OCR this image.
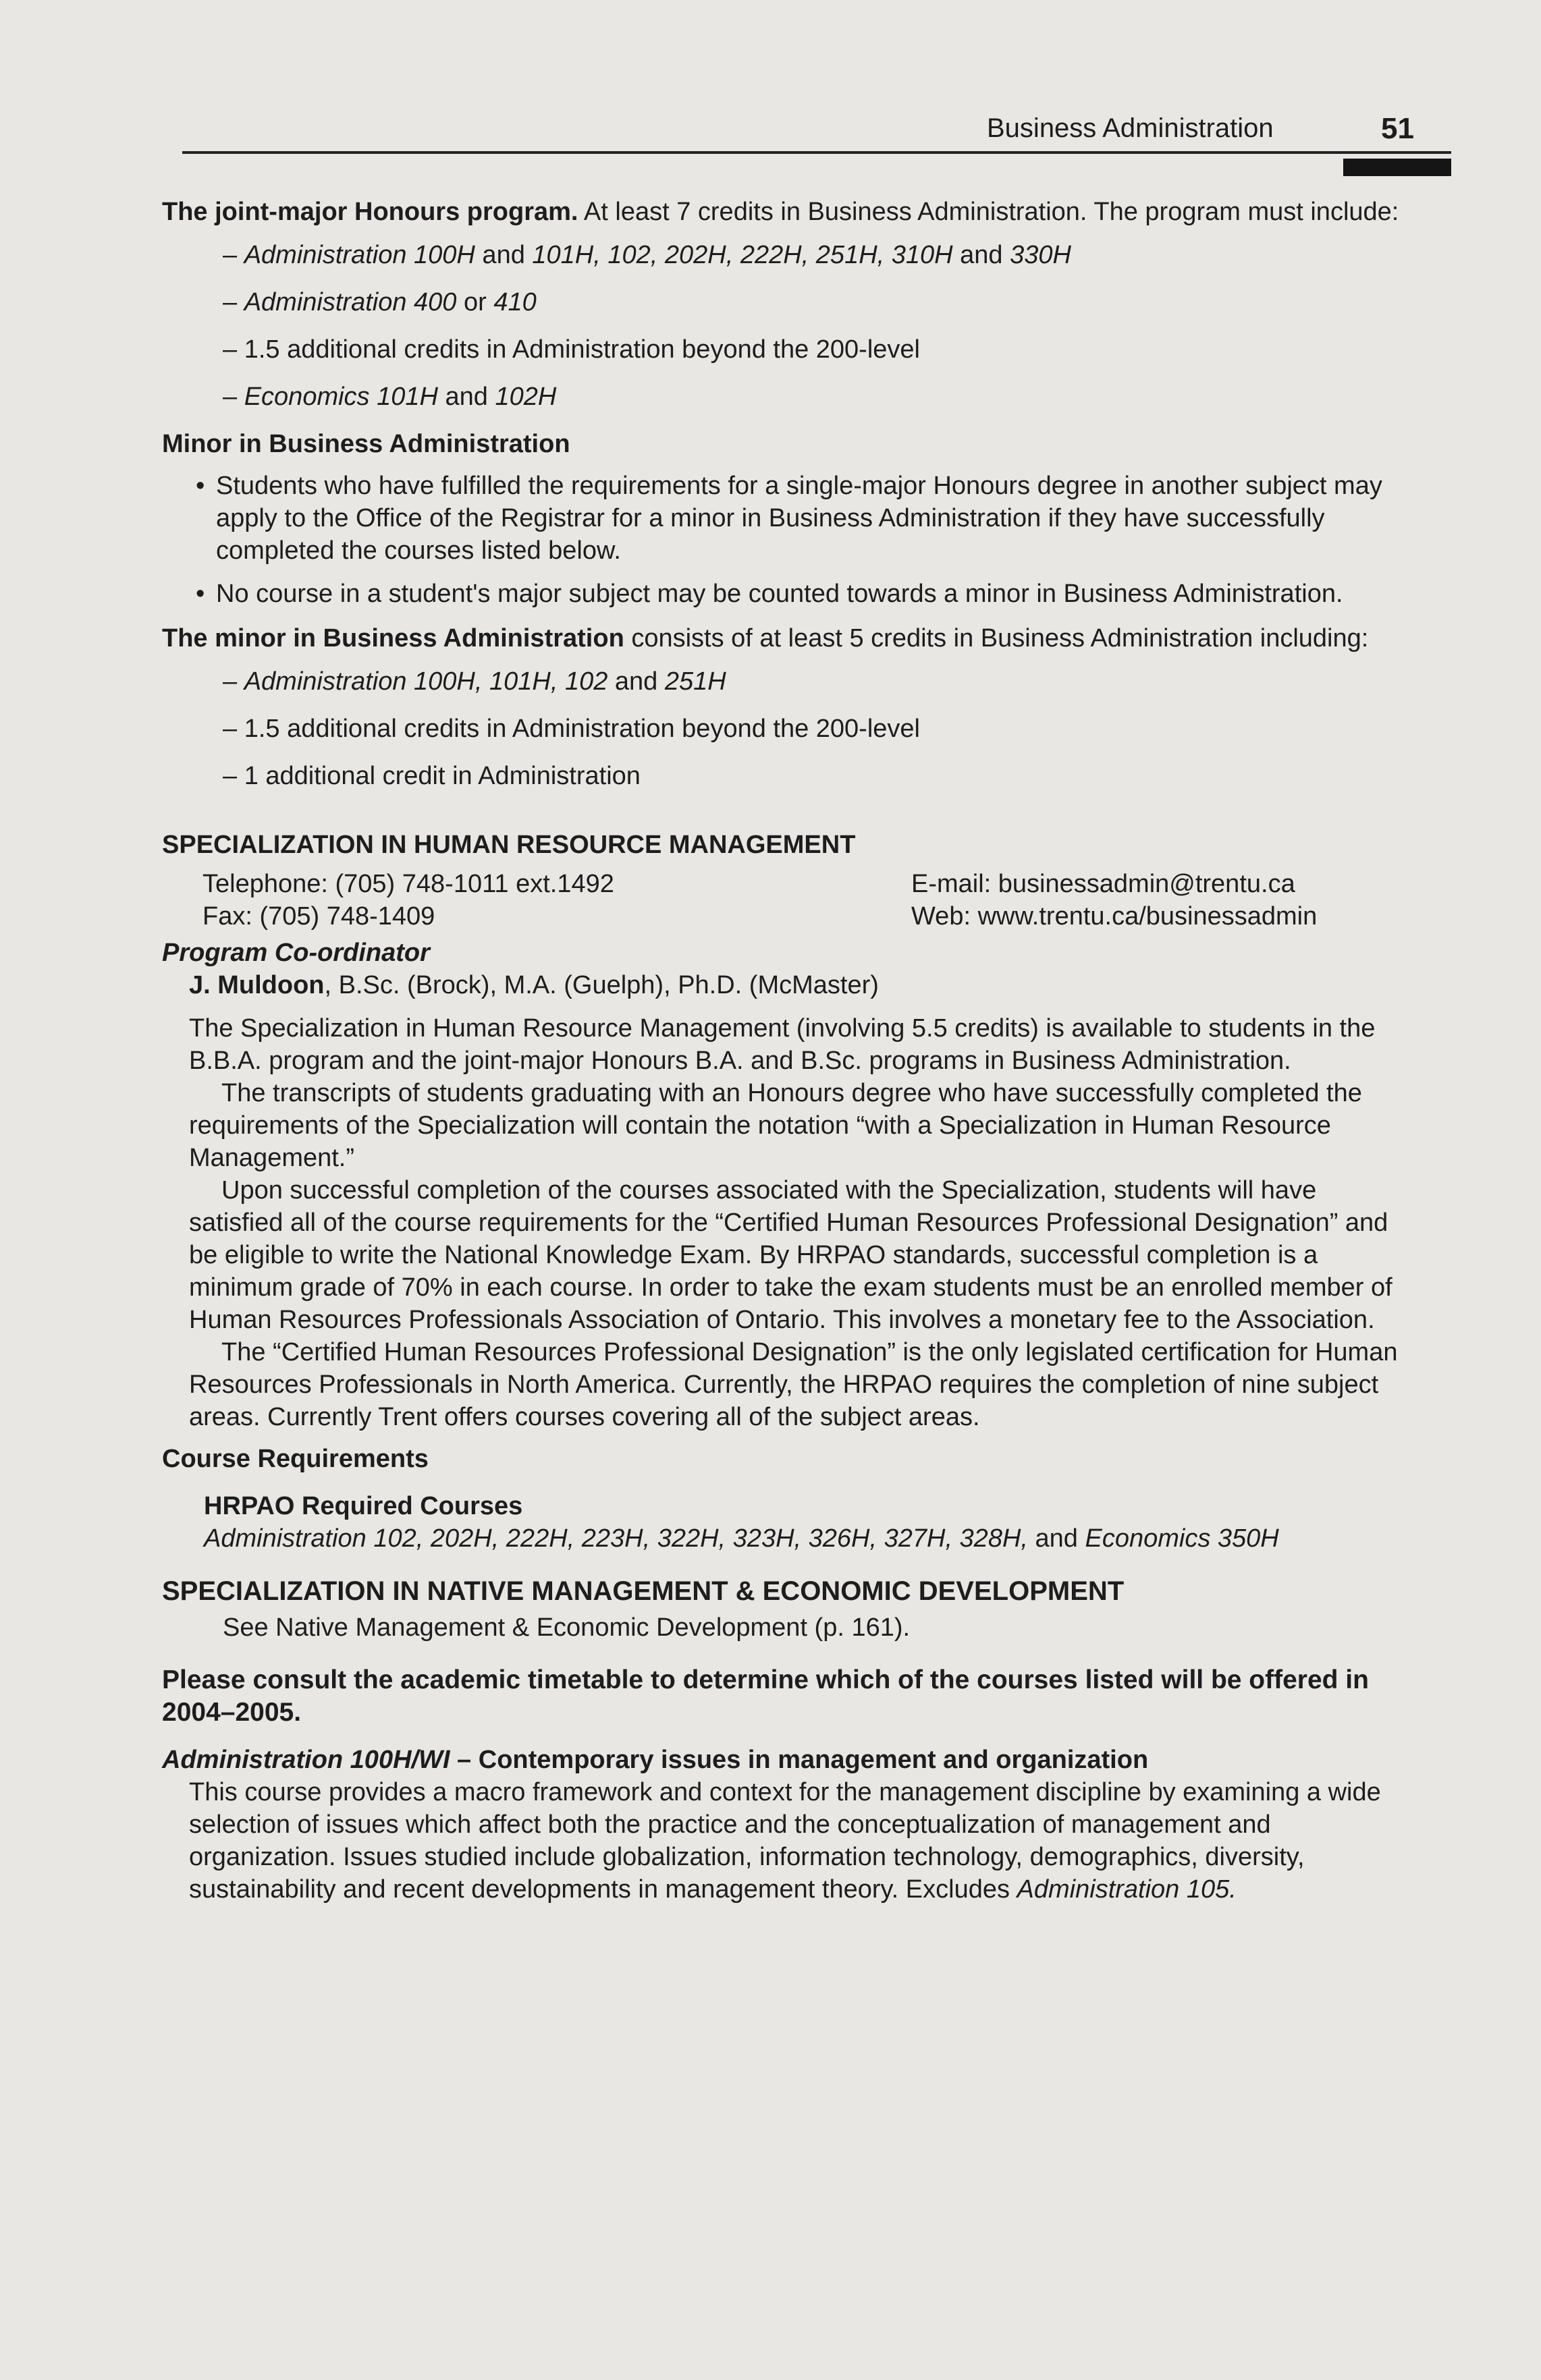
Business Administration	51

The joint-major Honours program. At least 7 credits in Business Administration. The program must include:

– Administration 100H and 101H, 102, 202H, 222H, 251H, 310H and 330H

– Administration 400 or 410

– 1.5 additional credits in Administration beyond the 200-level

– Economics 101H and 102H

Minor in Business Administration

• Students who have fulfilled the requirements for a single-major Honours degree in another subject may apply to the Office of the Registrar for a minor in Business Administration if they have successfully completed the courses listed below.
• No course in a student's major subject may be counted towards a minor in Business Administration.

The minor in Business Administration consists of at least 5 credits in Business Administration including:

– Administration 100H, 101H, 102 and 251H

– 1.5 additional credits in Administration beyond the 200-level

– 1 additional credit in Administration

SPECIALIZATION IN HUMAN RESOURCE MANAGEMENT

Telephone: (705) 748-1011 ext.1492

Fax: (705) 748-1409

E-mail: businessadmin@trentu.ca

Web: www.trentu.ca/businessadmin

Program Co-ordinator

J. Muldoon, B.Sc. (Brock), M.A. (Guelph), Ph.D. (McMaster)

The Specialization in Human Resource Management (involving 5.5 credits) is available to students in the B.B.A. program and the joint-major Honours B.A. and B.Sc. programs in Business Administration.

The transcripts of students graduating with an Honours degree who have successfully completed the requirements of the Specialization will contain the notation “with a Specialization in Human Resource Management.”

Upon successful completion of the courses associated with the Specialization, students will have satisfied all of the course requirements for the “Certified Human Resources Professional Designation” and be eligible to write the National Knowledge Exam. By HRPAO standards, successful completion is a minimum grade of 70% in each course. In order to take the exam students must be an enrolled member of Human Resources Professionals Association of Ontario. This involves a monetary fee to the Association.

The “Certified Human Resources Professional Designation” is the only legislated certification for Human Resources Professionals in North America. Currently, the HRPAO requires the completion of nine subject areas. Currently Trent offers courses covering all of the subject areas.

Course Requirements

HRPAO Required Courses

Administration 102, 202H, 222H, 223H, 322H, 323H, 326H, 327H, 328H, and Economics 350H

SPECIALIZATION IN NATIVE MANAGEMENT & ECONOMIC DEVELOPMENT

See Native Management & Economic Development (p. 161).

Please consult the academic timetable to determine which of the courses listed will be offered in 2004–2005.

Administration 100H/WI – Contemporary issues in management and organization

This course provides a macro framework and context for the management discipline by examining a wide selection of issues which affect both the practice and the conceptualization of management and organization. Issues studied include globalization, information technology, demographics, diversity, sustainability and recent developments in management theory. Excludes Administration 105.
